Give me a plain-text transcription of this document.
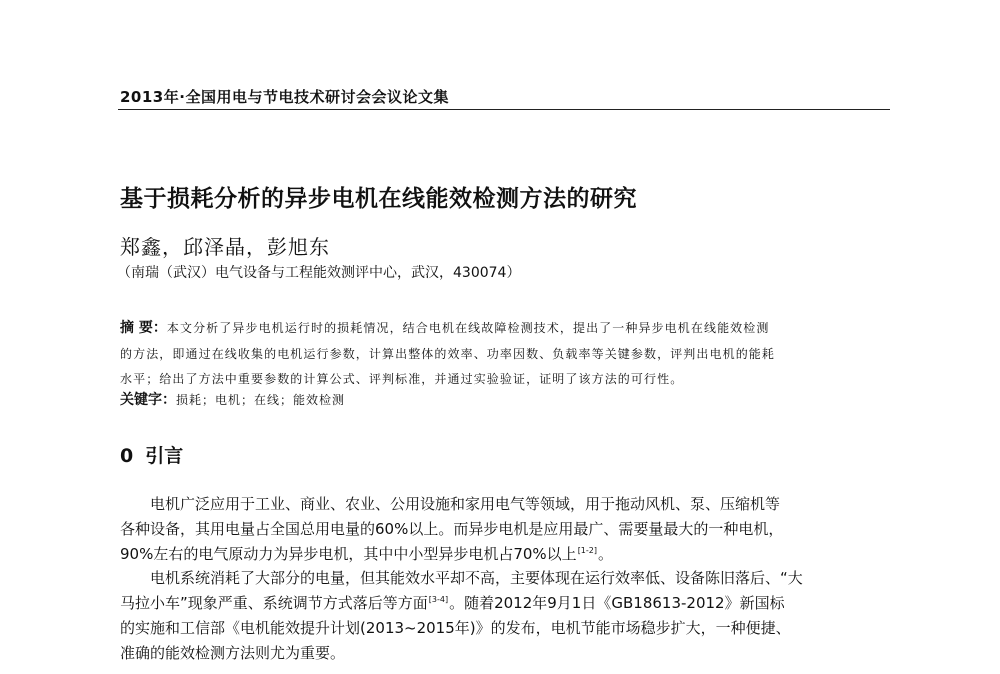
2013年·全国用电与节电技术研讨会会议论文集
基于损耗分析的异步电机在线能效检测方法的研究
郑鑫，邱泽晶，彭旭东
（南瑞（武汉）电气设备与工程能效测评中心，武汉，430074）
摘 要：本文分析了异步电机运行时的损耗情况，结合电机在线故障检测技术，提出了一种异步电机在线能效检测
的方法，即通过在线收集的电机运行参数，计算出整体的效率、功率因数、负载率等关键参数，评判出电机的能耗
水平；给出了方法中重要参数的计算公式、评判标准，并通过实验验证，证明了该方法的可行性。
关键字：损耗；电机；在线；能效检测
0 引言
电机广泛应用于工业、商业、农业、公用设施和家用电气等领域，用于拖动风机、泵、压缩机等
各种设备，其用电量占全国总用电量的60%以上。而异步电机是应用最广、需要量最大的一种电机，
90%左右的电气原动力为异步电机，其中中小型异步电机占70%以上[1-2]。
电机系统消耗了大部分的电量，但其能效水平却不高，主要体现在运行效率低、设备陈旧落后、“大
马拉小车”现象严重、系统调节方式落后等方面[3-4]。随着2012年9月1日《GB18613-2012》新国标
的实施和工信部《电机能效提升计划(2013~2015年)》的发布，电机节能市场稳步扩大，一种便捷、
准确的能效检测方法则尤为重要。
